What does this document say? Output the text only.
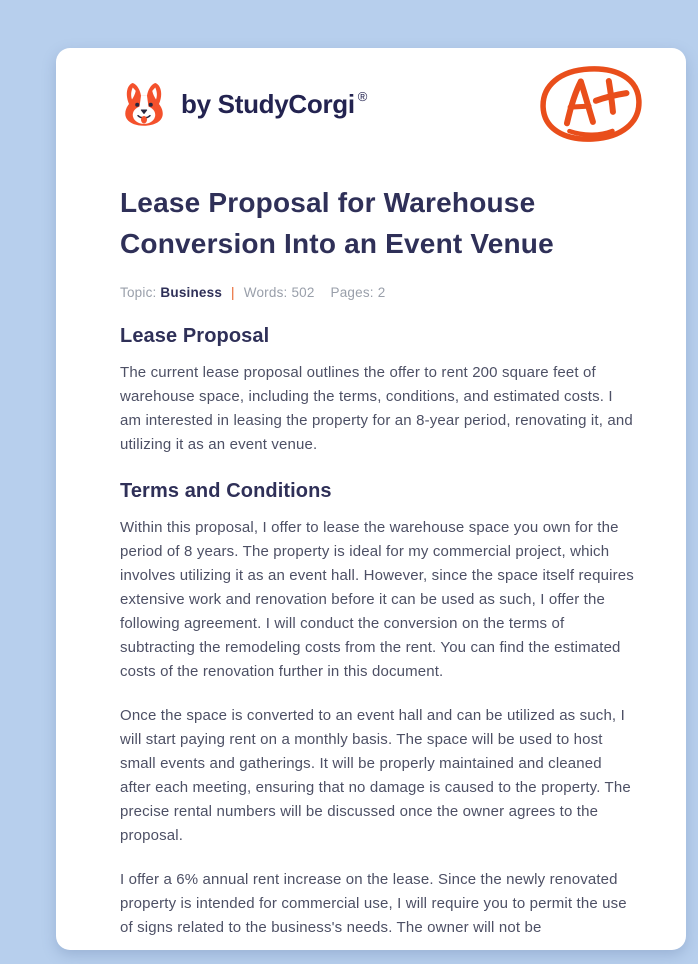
by StudyCorgi ®
Lease Proposal for Warehouse Conversion Into an Event Venue
Topic: Business | Words: 502 Pages: 2
Lease Proposal

The current lease proposal outlines the offer to rent 200 square feet of warehouse space, including the terms, conditions, and estimated costs. I am interested in leasing the property for an 8-year period, renovating it, and utilizing it as an event venue.

Terms and Conditions

Within this proposal, I offer to lease the warehouse space you own for the period of 8 years. The property is ideal for my commercial project, which involves utilizing it as an event hall. However, since the space itself requires extensive work and renovation before it can be used as such, I offer the following agreement. I will conduct the conversion on the terms of subtracting the remodeling costs from the rent. You can find the estimated costs of the renovation further in this document.

Once the space is converted to an event hall and can be utilized as such, I will start paying rent on a monthly basis. The space will be used to host small events and gatherings. It will be properly maintained and cleaned after each meeting, ensuring that no damage is caused to the property. The precise rental numbers will be discussed once the owner agrees to the proposal.

I offer a 6% annual rent increase on the lease. Since the newly renovated property is intended for commercial use, I will require you to permit the use of signs related to the business's needs. The owner will not be
